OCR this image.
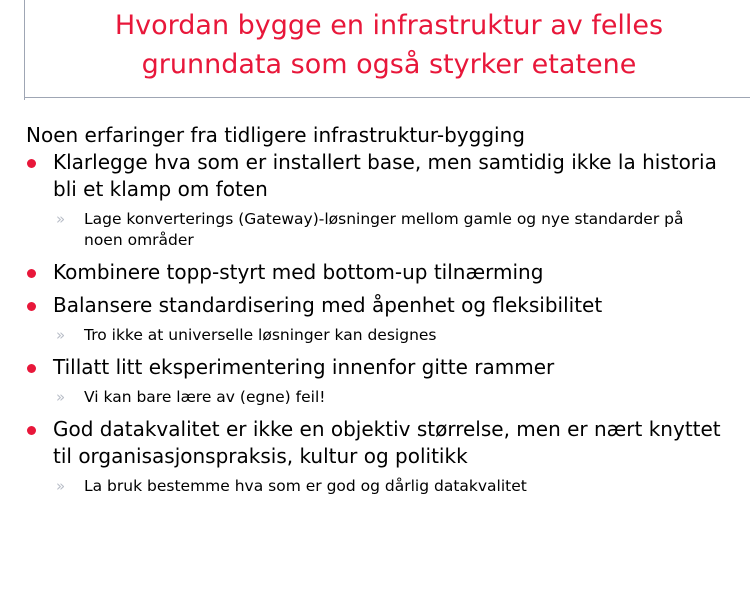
Hvordan bygge en infrastruktur av felles
grunndata som også styrker etatene

Noen erfaringer fra tidligere infrastruktur-bygging

Klarlegge hva som er installert base, men samtidig ikke la historia bli et klamp om foten
» Lage konverterings (Gateway)-løsninger mellom gamle og nye standarder på noen områder
Kombinere topp-styrt med bottom-up tilnærming
Balansere standardisering med åpenhet og fleksibilitet
» Tro ikke at universelle løsninger kan designes
Tillatt litt eksperimentering innenfor gitte rammer
» Vi kan bare lære av (egne) feil!
God datakvalitet er ikke en objektiv størrelse, men er nært knyttet til organisasjonspraksis, kultur og politikk
» La bruk bestemme hva som er god og dårlig datakvalitet
